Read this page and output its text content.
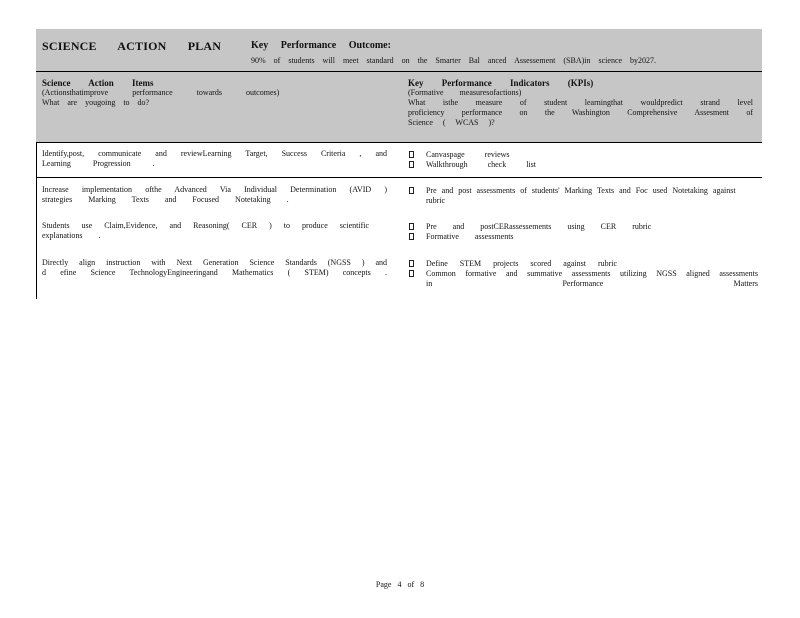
SCIENCE ACTION PLAN	Key Performance Outcome:
90% of students will meet standard on the Smarter Bal anced Assessement (SBA)in science by2027.
Science Action Items
(Actionsthatimprove performance towards outcomes)
What are yougoing to do?
Key Performance Indicators (KPIs)
(Formative measuresofactions)
What isthe measure of student learningthat wouldpredict strand level
proficiency performance on the Washington Comprehensive Assesment of
Science ( WCAS )?
Identify,post, communicate and reviewLearning Target, Success Criteria , and
Learning Progression .
Canvaspage reviews
Walkthrough check list
Increase implementation ofthe Advanced Via Individual Determination (AVID )
strategies Marking Texts and Focused Notetaking .
Pre and post assessments of students' Marking Texts and Foc used Notetaking against rubric
Students use Claim,Evidence, and Reasoning( CER ) to produce scientific
explanations .
Pre and postCERassessements using CER rubric
Formative assessments
Directly align instruction with Next Generation Science Standards (NGSS ) and
d efine Science TechnologyEngineeringand Mathematics ( STEM) concepts .
Define STEM projects scored against rubric
Common formative and summative assessments utilizing NGSS aligned assessments in Performance Matters
Page 4 of 8
